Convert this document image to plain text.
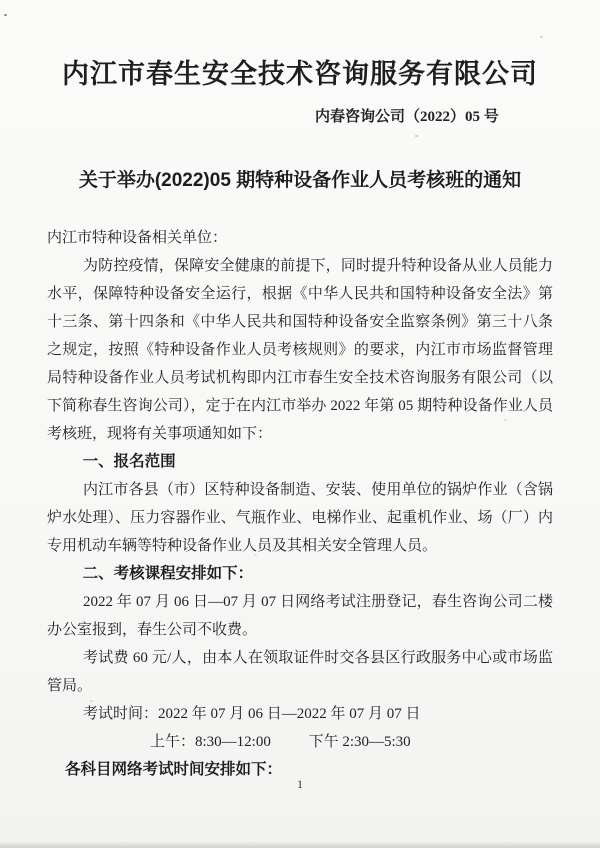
内江市春生安全技术咨询服务有限公司
内春咨询公司（2022）05 号
关于举办(2022)05 期特种设备作业人员考核班的通知

内江市特种设备相关单位：

为防控疫情，保障安全健康的前提下，同时提升特种设备从业人员能力水平，保障特种设备安全运行，根据《中华人民共和国特种设备安全法》第十三条、第十四条和《中华人民共和国特种设备安全监察条例》第三十八条之规定，按照《特种设备作业人员考核规则》的要求，内江市市场监督管理局特种设备作业人员考试机构即内江市春生安全技术咨询服务有限公司（以下简称春生咨询公司），定于在内江市举办 2022 年第 05 期特种设备作业人员考核班，现将有关事项通知如下：

一、报名范围

内江市各县（市）区特种设备制造、安装、使用单位的锅炉作业（含锅炉水处理）、压力容器作业、气瓶作业、电梯作业、起重机作业、场（厂）内专用机动车辆等特种设备作业人员及其相关安全管理人员。

二、考核课程安排如下：

2022 年 07 月 06 日—07 月 07 日网络考试注册登记，春生咨询公司二楼办公室报到，春生公司不收费。

考试费 60 元/人，由本人在领取证件时交各县区行政服务中心或市场监管局。

考试时间：2022 年 07 月 06 日—2022 年 07 月 07 日

上午：8:30—12:00	下午 2:30—5:30

各科目网络考试时间安排如下：

1
